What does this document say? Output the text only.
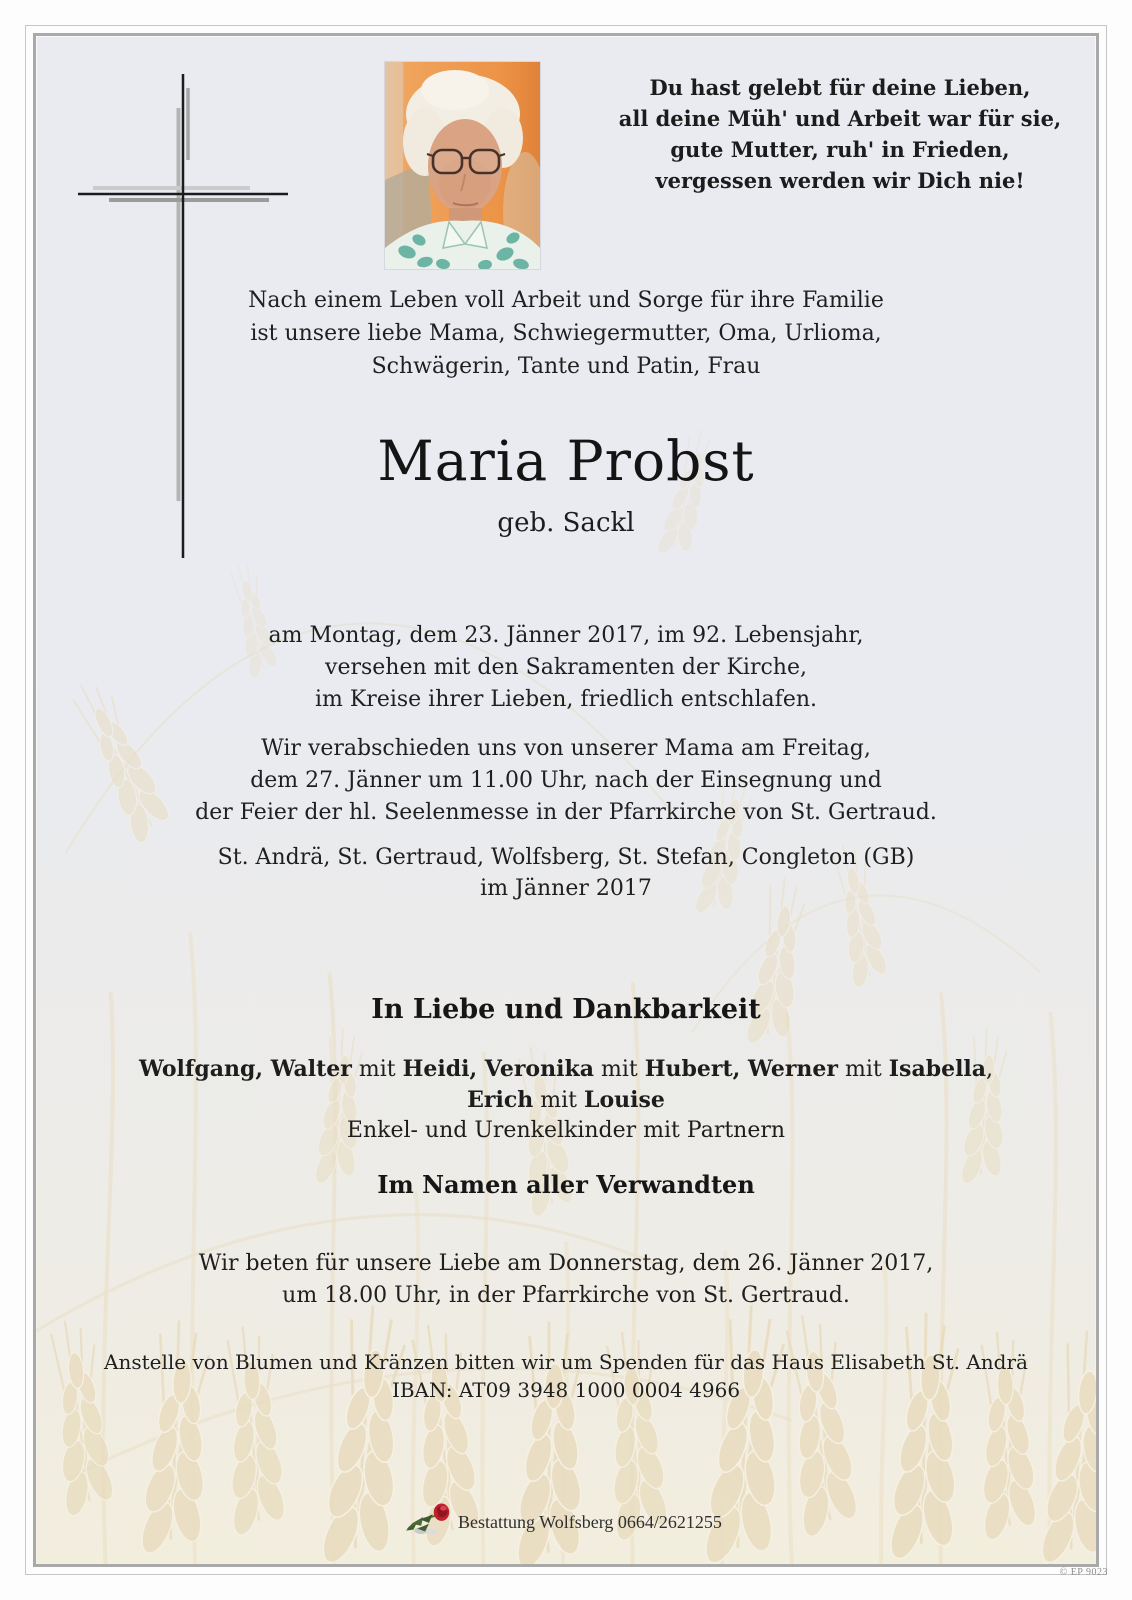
Du hast gelebt für deine Lieben,
all deine Müh' und Arbeit war für sie,
gute Mutter, ruh' in Frieden,
vergessen werden wir Dich nie!
Nach einem Leben voll Arbeit und Sorge für ihre Familie
ist unsere liebe Mama, Schwiegermutter, Oma, Urlioma,
Schwägerin, Tante und Patin, Frau
Maria Probst
geb. Sackl
am Montag, dem 23. Jänner 2017, im 92. Lebensjahr,
versehen mit den Sakramenten der Kirche,
im Kreise ihrer Lieben, friedlich entschlafen.
Wir verabschieden uns von unserer Mama am Freitag,
dem 27. Jänner um 11.00 Uhr, nach der Einsegnung und
der Feier der hl. Seelenmesse in der Pfarrkirche von St. Gertraud.
St. Andrä, St. Gertraud, Wolfsberg, St. Stefan, Congleton (GB)
im Jänner 2017
In Liebe und Dankbarkeit
Wolfgang, Walter mit Heidi, Veronika mit Hubert, Werner mit Isabella,
Erich mit Louise
Enkel- und Urenkelkinder mit Partnern
Im Namen aller Verwandten
Wir beten für unsere Liebe am Donnerstag, dem 26. Jänner 2017,
um 18.00 Uhr, in der Pfarrkirche von St. Gertraud.
Anstelle von Blumen und Kränzen bitten wir um Spenden für das Haus Elisabeth St. Andrä
IBAN: AT09 3948 1000 0004 4966
Bestattung Wolfsberg 0664/2621255
© EP 9023
